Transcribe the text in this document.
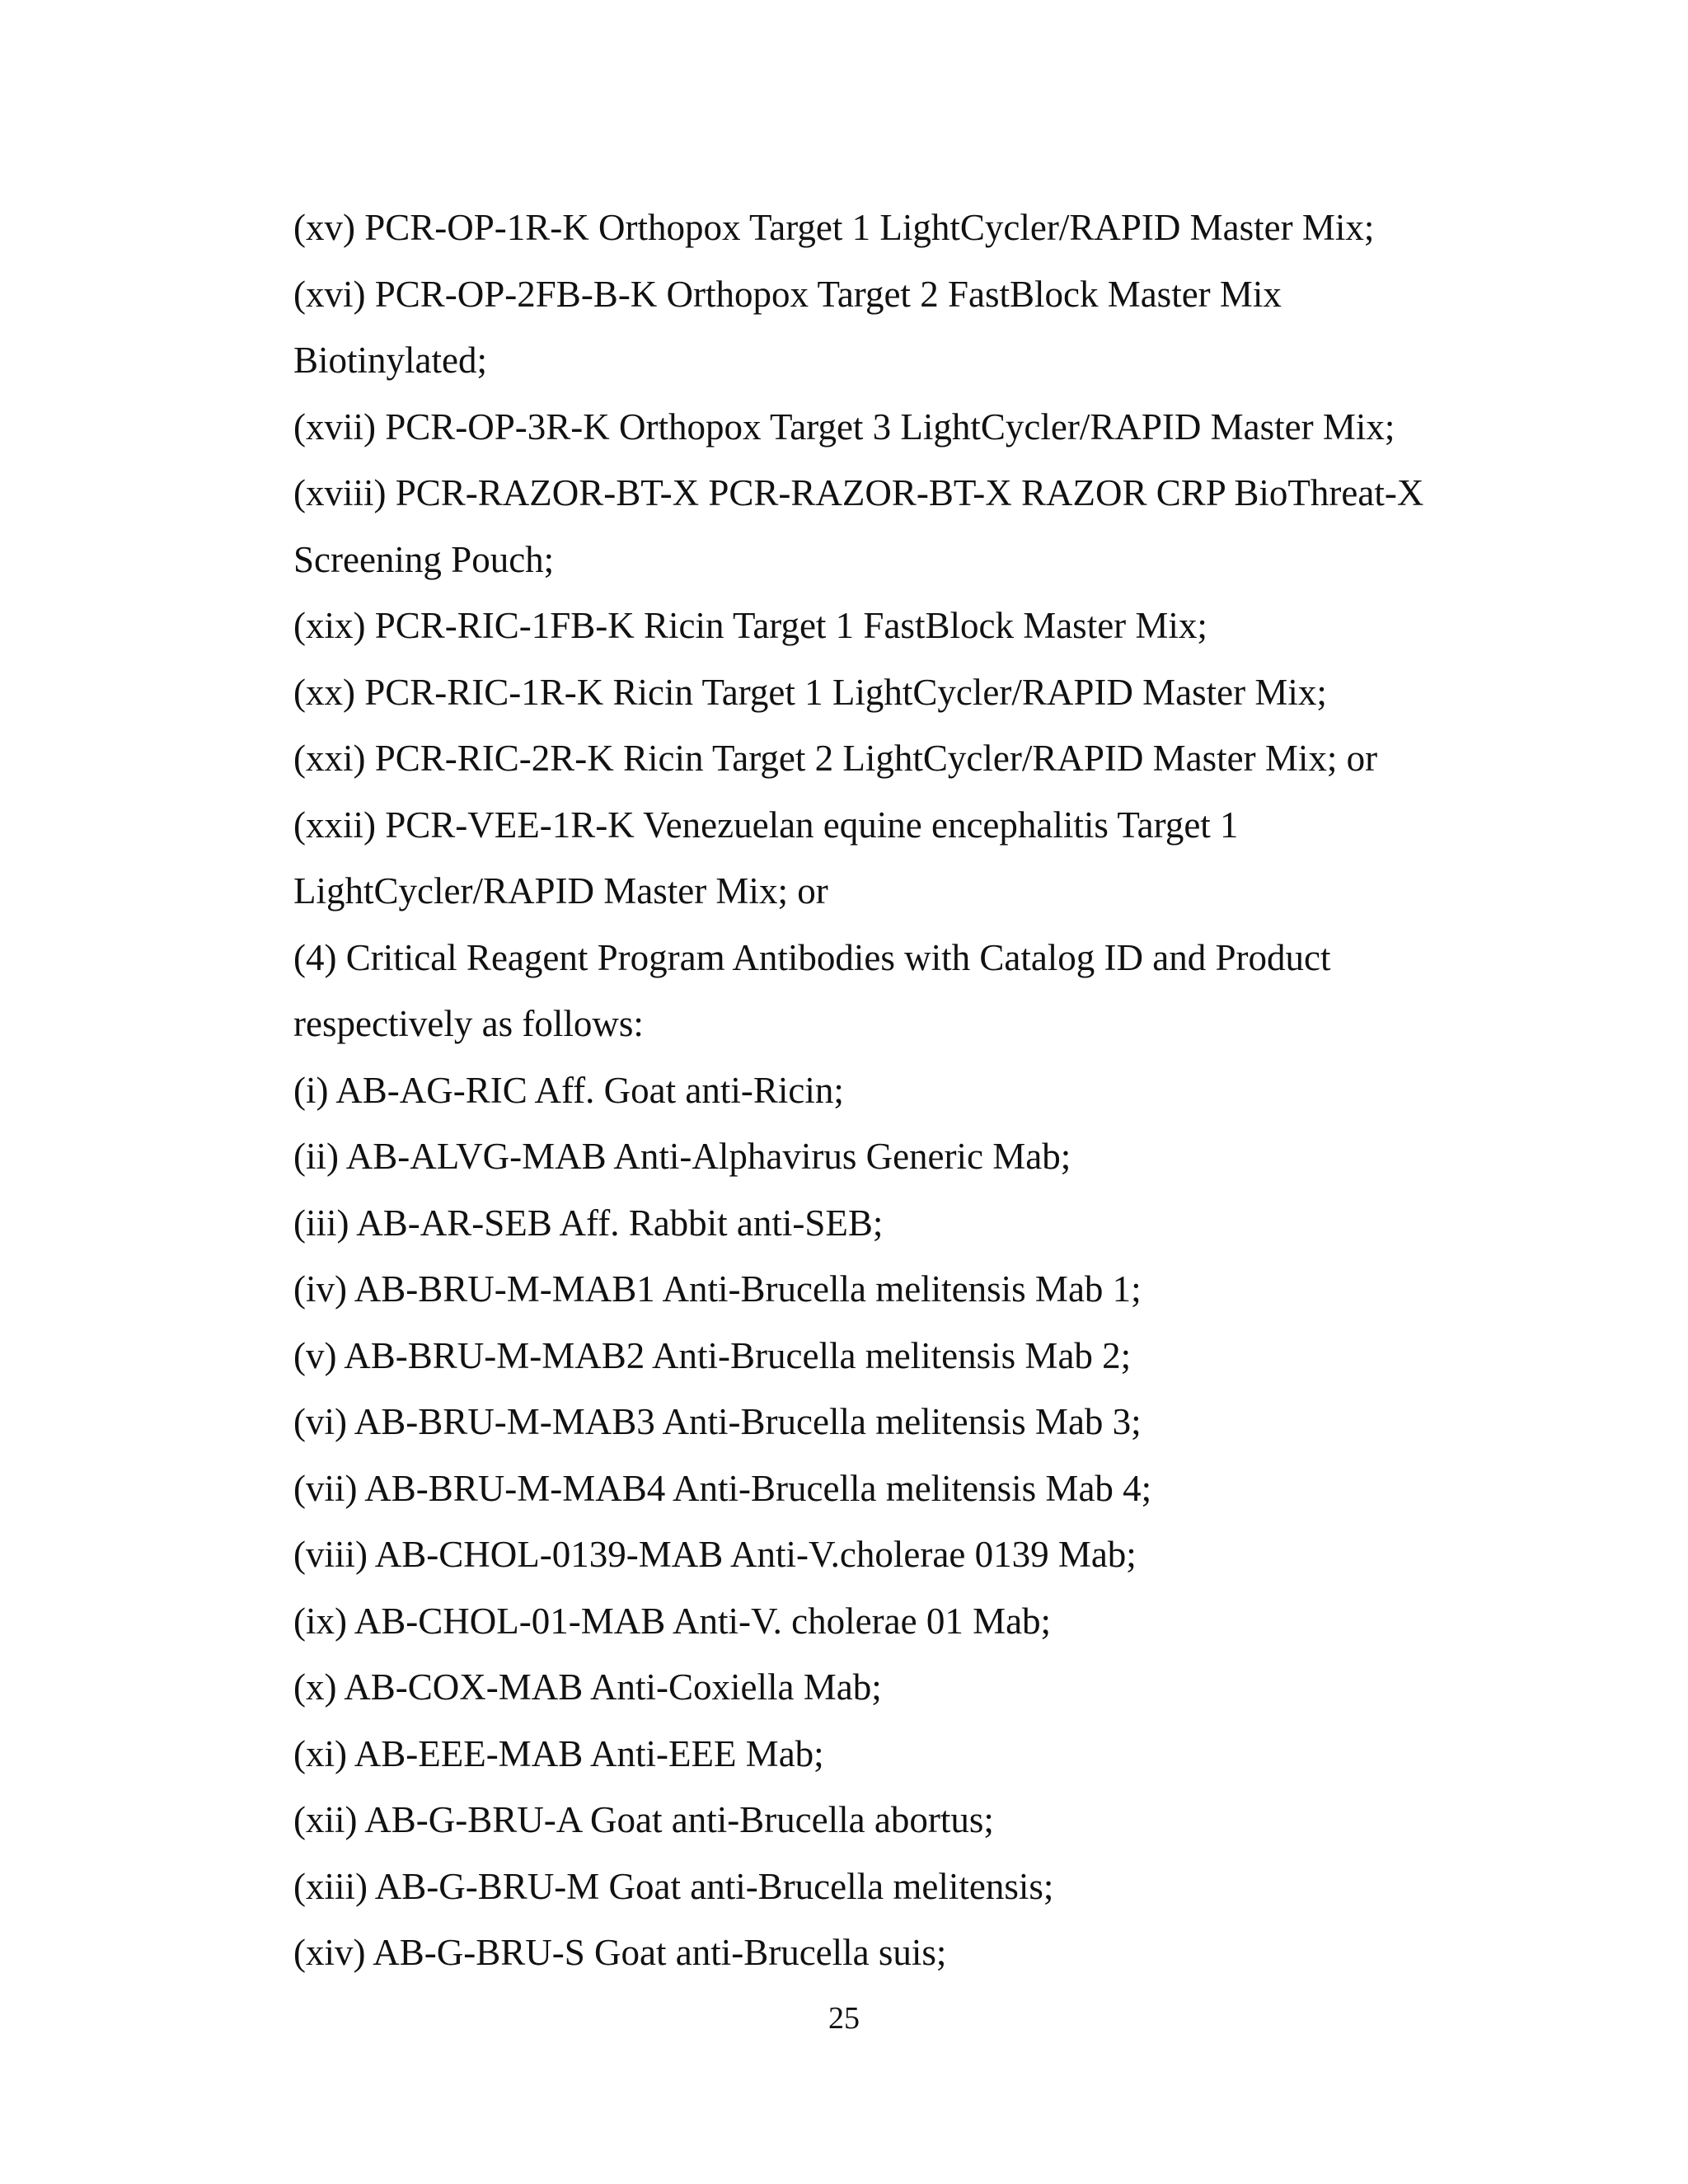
(xv) PCR-OP-1R-K Orthopox Target 1 LightCycler/RAPID Master Mix;
(xvi) PCR-OP-2FB-B-K Orthopox Target 2 FastBlock Master Mix
Biotinylated;
(xvii) PCR-OP-3R-K Orthopox Target 3 LightCycler/RAPID Master Mix;
(xviii) PCR-RAZOR-BT-X PCR-RAZOR-BT-X RAZOR CRP BioThreat-X
Screening Pouch;
(xix) PCR-RIC-1FB-K Ricin Target 1 FastBlock Master Mix;
(xx) PCR-RIC-1R-K Ricin Target 1 LightCycler/RAPID Master Mix;
(xxi) PCR-RIC-2R-K Ricin Target 2 LightCycler/RAPID Master Mix; or
(xxii) PCR-VEE-1R-K Venezuelan equine encephalitis Target 1
LightCycler/RAPID Master Mix; or
(4) Critical Reagent Program Antibodies with Catalog ID and Product
respectively as follows:
(i) AB-AG-RIC Aff. Goat anti-Ricin;
(ii) AB-ALVG-MAB Anti-Alphavirus Generic Mab;
(iii) AB-AR-SEB Aff. Rabbit anti-SEB;
(iv) AB-BRU-M-MAB1 Anti-Brucella melitensis Mab 1;
(v) AB-BRU-M-MAB2 Anti-Brucella melitensis Mab 2;
(vi) AB-BRU-M-MAB3 Anti-Brucella melitensis Mab 3;
(vii) AB-BRU-M-MAB4 Anti-Brucella melitensis Mab 4;
(viii) AB-CHOL-0139-MAB Anti-V.cholerae 0139 Mab;
(ix) AB-CHOL-01-MAB Anti-V. cholerae 01 Mab;
(x) AB-COX-MAB Anti-Coxiella Mab;
(xi) AB-EEE-MAB Anti-EEE Mab;
(xii) AB-G-BRU-A Goat anti-Brucella abortus;
(xiii) AB-G-BRU-M Goat anti-Brucella melitensis;
(xiv) AB-G-BRU-S Goat anti-Brucella suis;
25
